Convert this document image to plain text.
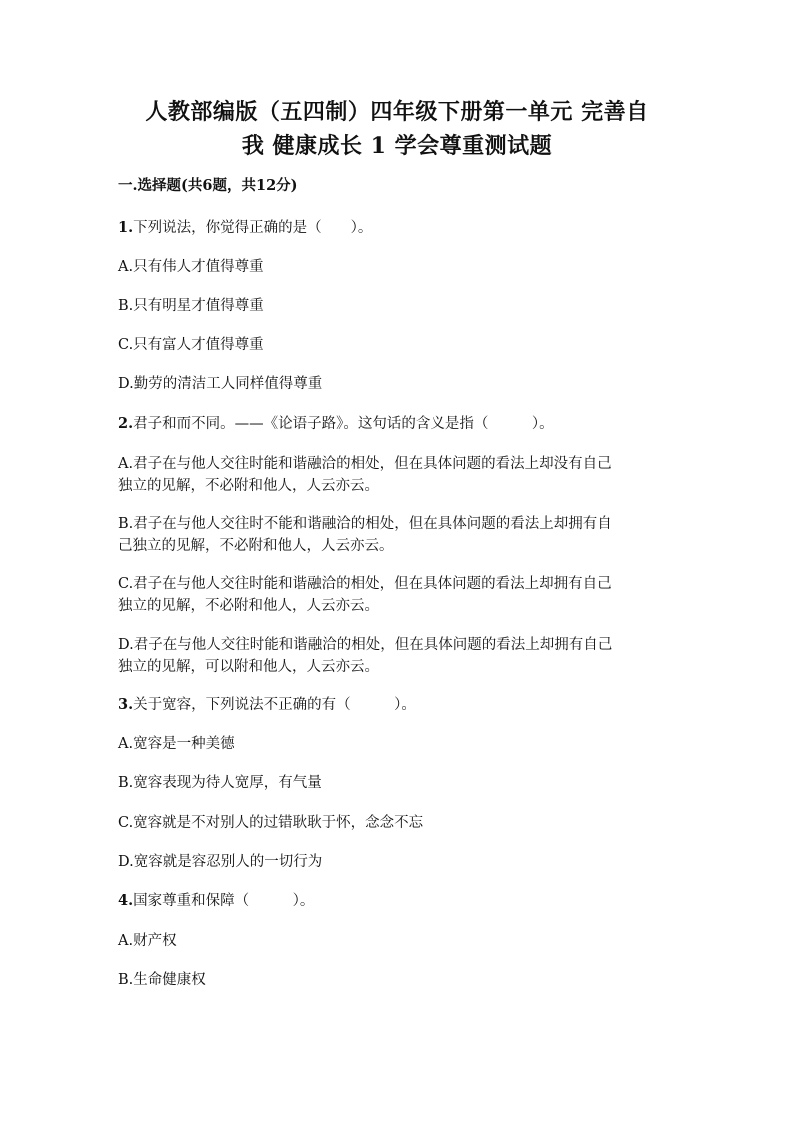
人教部编版（五四制）四年级下册第一单元 完善自
我 健康成长 1 学会尊重测试题
一.选择题(共6题，共12分)
1.下列说法，你觉得正确的是（　　）。
A.只有伟人才值得尊重
B.只有明星才值得尊重
C.只有富人才值得尊重
D.勤劳的清洁工人同样值得尊重
2.君子和而不同。——《论语子路》。这句话的含义是指（　　　）。
A.君子在与他人交往时能和谐融洽的相处，但在具体问题的看法上却没有自己
独立的见解，不必附和他人，人云亦云。
B.君子在与他人交往时不能和谐融洽的相处，但在具体问题的看法上却拥有自
己独立的见解，不必附和他人，人云亦云。
C.君子在与他人交往时能和谐融洽的相处，但在具体问题的看法上却拥有自己
独立的见解，不必附和他人，人云亦云。
D.君子在与他人交往时能和谐融洽的相处，但在具体问题的看法上却拥有自己
独立的见解，可以附和他人，人云亦云。
3.关于宽容，下列说法不正确的有（　　　）。
A.宽容是一种美德
B.宽容表现为待人宽厚，有气量
C.宽容就是不对别人的过错耿耿于怀，念念不忘
D.宽容就是容忍别人的一切行为
4.国家尊重和保障（　　　）。
A.财产权
B.生命健康权
